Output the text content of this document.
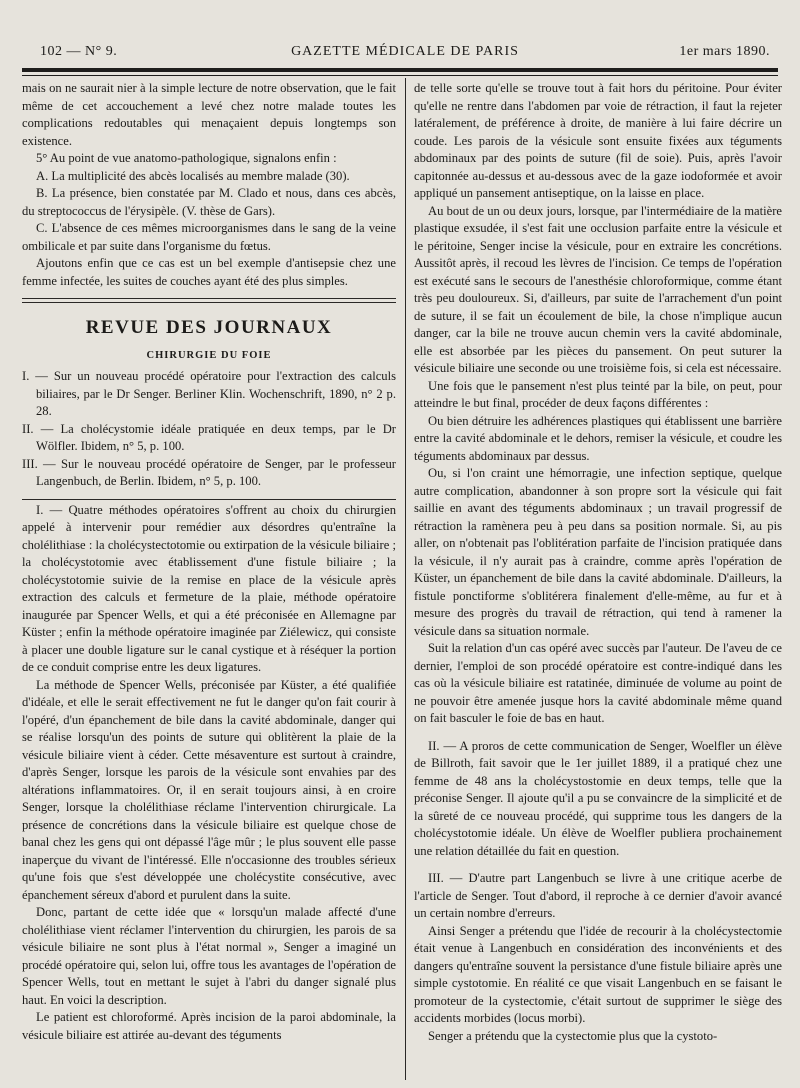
102 — N° 9.	GAZETTE MÉDICALE DE PARIS	1er mars 1890.

mais on ne saurait nier à la simple lecture de notre observation, que le fait même de cet accouchement a levé chez notre malade toutes les complications redoutables qui menaçaient depuis longtemps son existence.

5° Au point de vue anatomo-pathologique, signalons enfin :

A. La multiplicité des abcès localisés au membre malade (30).

B. La présence, bien constatée par M. Clado et nous, dans ces abcès, du streptococcus de l'érysipèle. (V. thèse de Gars).

C. L'absence de ces mêmes microorganismes dans le sang de la veine ombilicale et par suite dans l'organisme du fœtus.

Ajoutons enfin que ce cas est un bel exemple d'antisepsie chez une femme infectée, les suites de couches ayant été des plus simples.

REVUE DES JOURNAUX

CHIRURGIE DU FOIE

I. — Sur un nouveau procédé opératoire pour l'extraction des calculs biliaires, par le Dr Senger. Berliner Klin. Wochenschrift, 1890, n° 2 p. 28.

II. — La cholécystomie idéale pratiquée en deux temps, par le Dr Wölfler. Ibidem, n° 5, p. 100.

III. — Sur le nouveau procédé opératoire de Senger, par le professeur Langenbuch, de Berlin. Ibidem, n° 5, p. 100.

I. — Quatre méthodes opératoires s'offrent au choix du chirurgien appelé à intervenir pour remédier aux désordres qu'entraîne la cholélithiase : la cholécystectotomie ou extirpation de la vésicule biliaire ; la cholécystotomie avec établissement d'une fistule biliaire ; la cholécystotomie suivie de la remise en place de la vésicule après extraction des calculs et fermeture de la plaie, méthode opératoire inaugurée par Spencer Wells, et qui a été préconisée en Allemagne par Küster ; enfin la méthode opératoire imaginée par Ziélewicz, qui consiste à placer une double ligature sur le canal cystique et à réséquer la portion de ce conduit comprise entre les deux ligatures.

La méthode de Spencer Wells, préconisée par Küster, a été qualifiée d'idéale, et elle le serait effectivement ne fut le danger qu'on fait courir à l'opéré, d'un épanchement de bile dans la cavité abdominale, danger qui se réalise lorsqu'un des points de suture qui oblitèrent la plaie de la vésicule biliaire vient à céder. Cette mésaventure est surtout à craindre, d'après Senger, lorsque les parois de la vésicule sont envahies par des altérations inflammatoires. Or, il en serait toujours ainsi, à en croire Senger, lorsque la cholélithiase réclame l'intervention chirurgicale. La présence de concrétions dans la vésicule biliaire est quelque chose de banal chez les gens qui ont dépassé l'âge mûr ; le plus souvent elle passe inaperçue du vivant de l'intéressé. Elle n'occasionne des troubles sérieux qu'une fois que s'est développée une cholécystite consécutive, avec épanchement séreux d'abord et purulent dans la suite.

Donc, partant de cette idée que « lorsqu'un malade affecté d'une cholélithiase vient réclamer l'intervention du chirurgien, les parois de sa vésicule biliaire ne sont plus à l'état normal », Senger a imaginé un procédé opératoire qui, selon lui, offre tous les avantages de l'opération de Spencer Wells, tout en mettant le sujet à l'abri du danger signalé plus haut. En voici la description.

Le patient est chloroformé. Après incision de la paroi abdominale, la vésicule biliaire est attirée au-devant des téguments

de telle sorte qu'elle se trouve tout à fait hors du péritoine. Pour éviter qu'elle ne rentre dans l'abdomen par voie de rétraction, il faut la rejeter latéralement, de préférence à droite, de manière à lui faire décrire un coude. Les parois de la vésicule sont ensuite fixées aux téguments abdominaux par des points de suture (fil de soie). Puis, après l'avoir capitonnée au-dessus et au-dessous avec de la gaze iodoformée et avoir appliqué un pansement antiseptique, on la laisse en place.

Au bout de un ou deux jours, lorsque, par l'intermédiaire de la matière plastique exsudée, il s'est fait une occlusion parfaite entre la vésicule et le péritoine, Senger incise la vésicule, pour en extraire les concrétions. Aussitôt après, il recoud les lèvres de l'incision. Ce temps de l'opération est exécuté sans le secours de l'anesthésie chloroformique, comme étant très peu douloureux. Si, d'ailleurs, par suite de l'arrachement d'un point de suture, il se fait un écoulement de bile, la chose n'implique aucun danger, car la bile ne trouve aucun chemin vers la cavité abdominale, elle est absorbée par les pièces du pansement. On peut suturer la vésicule biliaire une seconde ou une troisième fois, si cela est nécessaire.

Une fois que le pansement n'est plus teinté par la bile, on peut, pour atteindre le but final, procéder de deux façons différentes :

Ou bien détruire les adhérences plastiques qui établissent une barrière entre la cavité abdominale et le dehors, remiser la vésicule, et coudre les téguments abdominaux par dessus.

Ou, si l'on craint une hémorragie, une infection septique, quelque autre complication, abandonner à son propre sort la vésicule qui fait saillie en avant des téguments abdominaux ; un travail progressif de rétraction la ramènera peu à peu dans sa position normale. Si, au pis aller, on n'obtenait pas l'oblitération parfaite de l'incision pratiquée dans la vésicule, il n'y aurait pas à craindre, comme après l'opération de Küster, un épanchement de bile dans la cavité abdominale. D'ailleurs, la fistule ponctiforme s'oblitérera finalement d'elle-même, au fur et à mesure des progrès du travail de rétraction, qui tend à ramener la vésicule dans sa situation normale.

Suit la relation d'un cas opéré avec succès par l'auteur. De l'aveu de ce dernier, l'emploi de son procédé opératoire est contre-indiqué dans les cas où la vésicule biliaire est ratatinée, diminuée de volume au point de ne pouvoir être amenée jusque hors la cavité abdominale même quand on fait basculer le foie de bas en haut.

II. — A proros de cette communication de Senger, Woelfler un élève de Billroth, fait savoir que le 1er juillet 1889, il a pratiqué chez une femme de 48 ans la cholécystostomie en deux temps, telle que la préconise Senger. Il ajoute qu'il a pu se convaincre de la simplicité et de la sûreté de ce nouveau procédé, qui supprime tous les dangers de la cholécystotomie idéale. Un élève de Woelfler publiera prochainement une relation détaillée du fait en question.

III. — D'autre part Langenbuch se livre à une critique acerbe de l'article de Senger. Tout d'abord, il reproche à ce dernier d'avoir avancé un certain nombre d'erreurs.

Ainsi Senger a prétendu que l'idée de recourir à la cholécystectomie était venue à Langenbuch en considération des inconvénients et des dangers qu'entraîne souvent la persistance d'une fistule biliaire après une simple cystotomie. En réalité ce que visait Langenbuch en se faisant le promoteur de la cystectomie, c'était surtout de supprimer le siège des accidents morbides (locus morbi).

Senger a prétendu que la cystectomie plus que la cystoto-
